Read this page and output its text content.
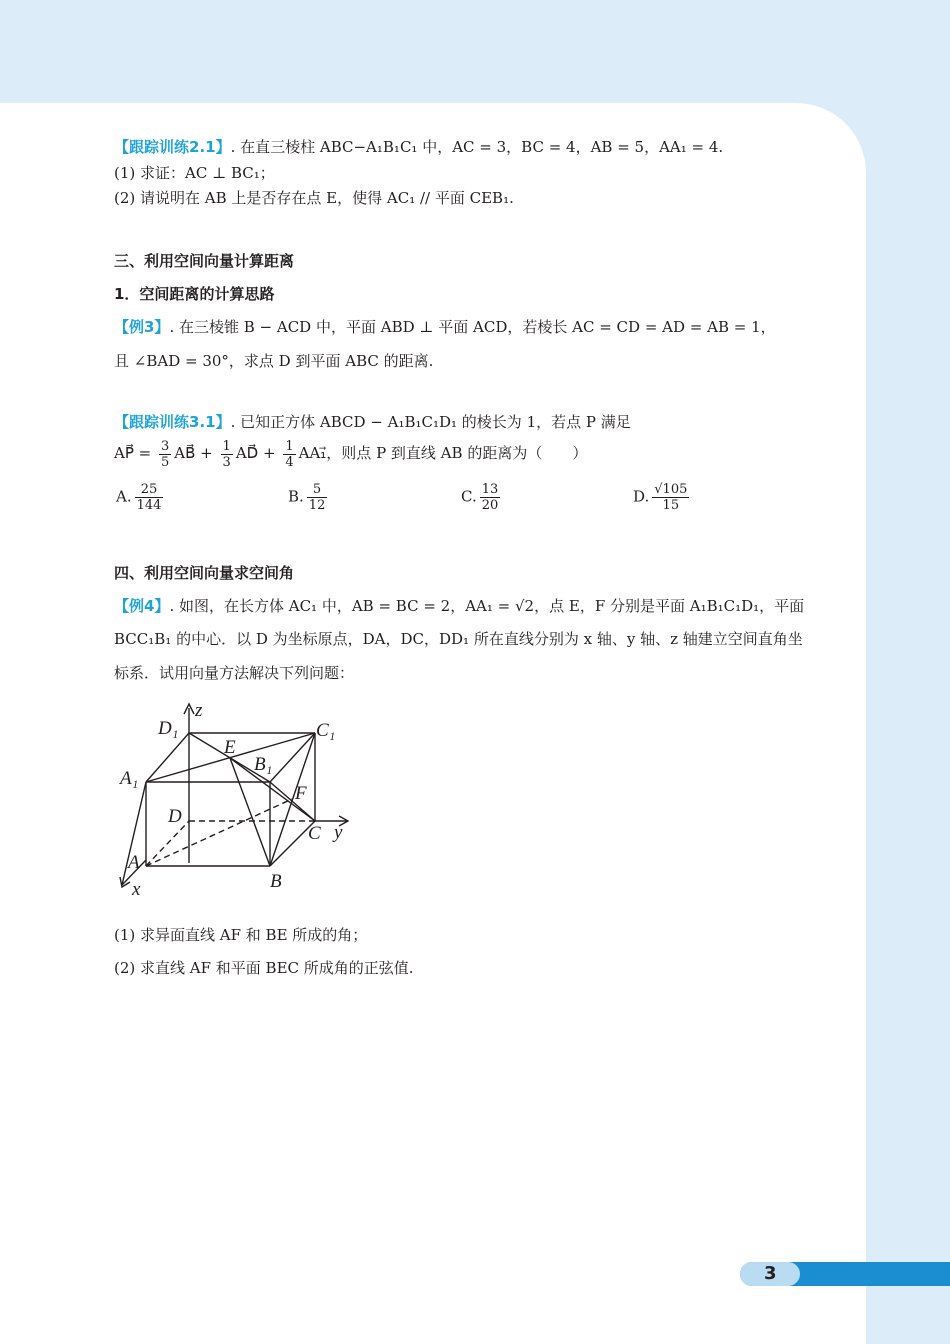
【跟踪训练2.1】. 在直三棱柱 ABC−A₁B₁C₁ 中，AC = 3，BC = 4，AB = 5，AA₁ = 4.
(1) 求证：AC ⊥ BC₁；
(2) 请说明在 AB 上是否存在点 E，使得 AC₁ // 平面 CEB₁.
三、利用空间向量计算距离
1．空间距离的计算思路
【例3】. 在三棱锥 B − ACD 中，平面 ABD ⊥ 平面 ACD，若棱长 AC = CD = AD = AB = 1，
且 ∠BAD = 30°，求点 D 到平面 ABC 的距离.
【跟踪训练3.1】. 已知正方体 ABCD − A₁B₁C₁D₁ 的棱长为 1，若点 P 满足
AP⃗ = $\frac{3}{5}$ AB⃗ + $\frac{1}{3}$ AD⃗ + $\frac{1}{4}$ AA₁⃗，则点 P 到直线 AB 的距离为（　　）
A. $\frac{25}{144}$	B. $\frac{5}{12}$	C. $\frac{13}{20}$	D. $\frac{√105}{15}$
四、利用空间向量求空间角
【例4】. 如图，在长方体 AC₁ 中，AB = BC = 2，AA₁ = √2，点 E，F 分别是平面 A₁B₁C₁D₁，平面
BCC₁B₁ 的中心．以 D 为坐标原点，DA，DC，DD₁ 所在直线分别为 x 轴、y 轴、z 轴建立空间直角坐
标系．试用向量方法解决下列问题：
(1) 求异面直线 AF 和 BE 所成的角；
(2) 求直线 AF 和平面 BEC 所成角的正弦值.
D₁	C₁
A₁
B₁
E
F
D
C
A
B
x
y
z
3
